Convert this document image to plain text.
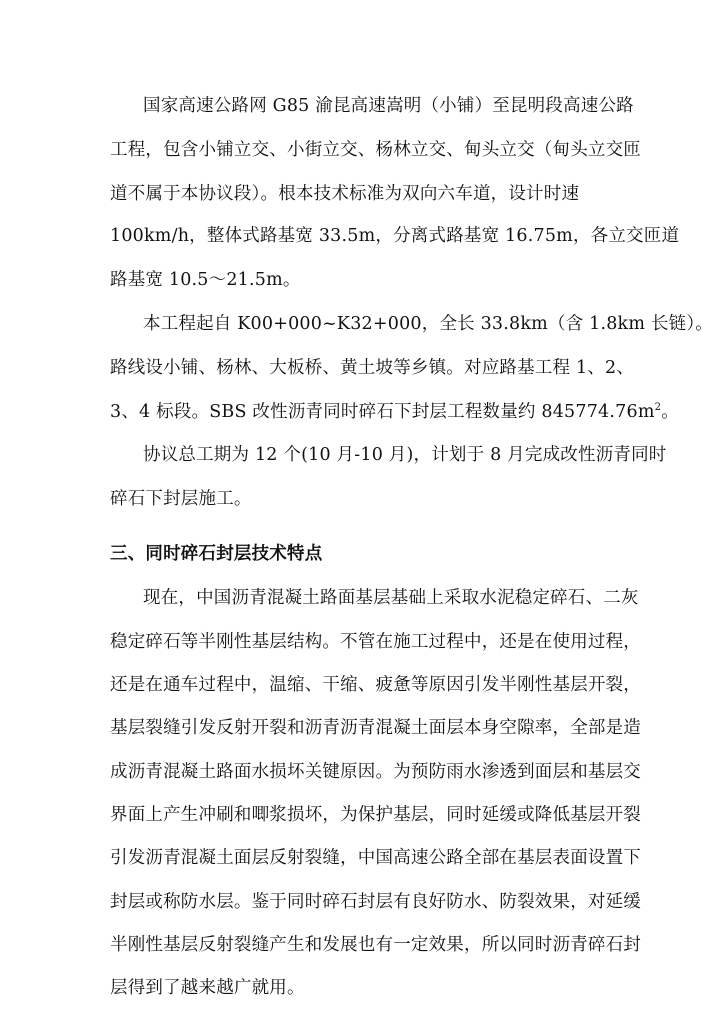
国家高速公路网 G85 渝昆高速嵩明（小铺）至昆明段高速公路
工程，包含小铺立交、小街立交、杨林立交、甸头立交（甸头立交匝
道不属于本协议段）。根本技术标准为双向六车道，设计时速
100km/h，整体式路基宽 33.5m，分离式路基宽 16.75m，各立交匝道
路基宽 10.5～21.5m。
本工程起自 K00+000~K32+000，全长 33.8km（含 1.8km 长链）。
路线设小铺、杨林、大板桥、黄土坡等乡镇。对应路基工程 1、2、
3、4 标段。SBS 改性沥青同时碎石下封层工程数量约 $845774.76m^2$。
协议总工期为 12 个(10 月-10 月)，计划于 8 月完成改性沥青同时
碎石下封层施工。
三、同时碎石封层技术特点
现在，中国沥青混凝土路面基层基础上采取水泥稳定碎石、二灰
稳定碎石等半刚性基层结构。不管在施工过程中，还是在使用过程，
还是在通车过程中，温缩、干缩、疲惫等原因引发半刚性基层开裂，
基层裂缝引发反射开裂和沥青沥青混凝土面层本身空隙率，全部是造
成沥青混凝土路面水损坏关键原因。为预防雨水渗透到面层和基层交
界面上产生冲刷和唧浆损坏，为保护基层，同时延缓或降低基层开裂
引发沥青混凝土面层反射裂缝，中国高速公路全部在基层表面设置下
封层或称防水层。鉴于同时碎石封层有良好防水、防裂效果，对延缓
半刚性基层反射裂缝产生和发展也有一定效果，所以同时沥青碎石封
层得到了越来越广就用。
